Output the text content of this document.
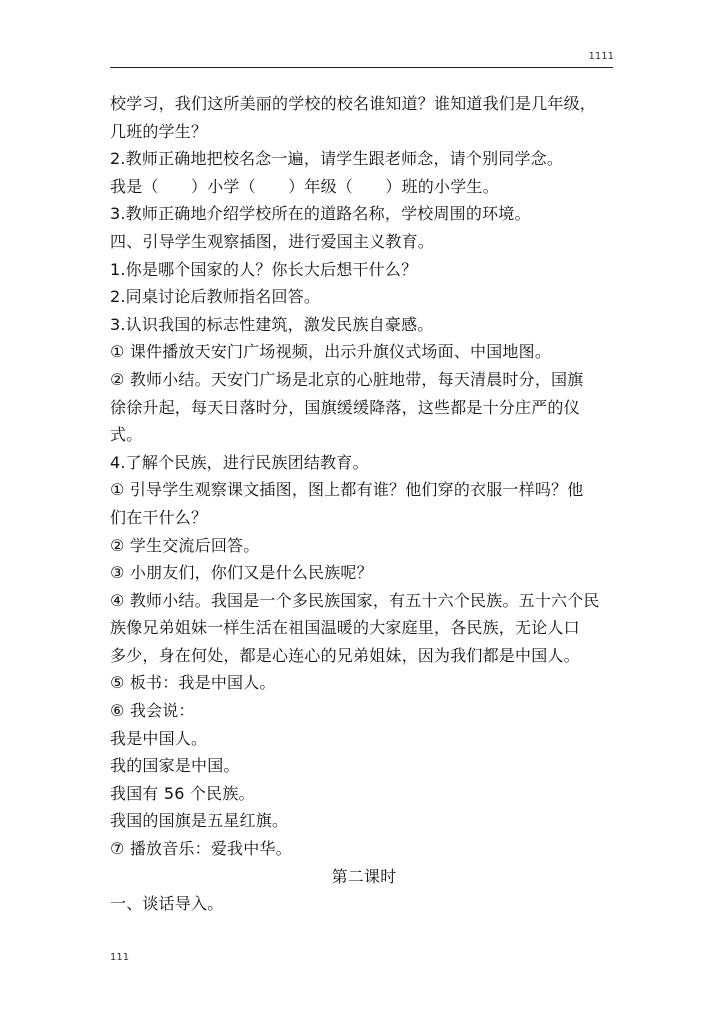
1111
校学习，我们这所美丽的学校的校名谁知道？谁知道我们是几年级，
几班的学生？
2.教师正确地把校名念一遍，请学生跟老师念，请个别同学念。
我是（　　）小学（　　）年级（　　）班的小学生。
3.教师正确地介绍学校所在的道路名称，学校周围的环境。
四、引导学生观察插图，进行爱国主义教育。
1.你是哪个国家的人？你长大后想干什么？
2.同桌讨论后教师指名回答。
3.认识我国的标志性建筑，激发民族自豪感。
① 课件播放天安门广场视频，出示升旗仪式场面、中国地图。
② 教师小结。天安门广场是北京的心脏地带，每天清晨时分，国旗
徐徐升起，每天日落时分，国旗缓缓降落，这些都是十分庄严的仪
式。
4.了解个民族，进行民族团结教育。
① 引导学生观察课文插图，图上都有谁？他们穿的衣服一样吗？他
们在干什么？
② 学生交流后回答。
③ 小朋友们，你们又是什么民族呢？
④ 教师小结。我国是一个多民族国家，有五十六个民族。五十六个民
族像兄弟姐妹一样生活在祖国温暖的大家庭里，各民族，无论人口
多少，身在何处，都是心连心的兄弟姐妹，因为我们都是中国人。
⑤ 板书：我是中国人。
⑥ 我会说：
我是中国人。
我的国家是中国。
我国有 56 个民族。
我国的国旗是五星红旗。
⑦ 播放音乐：爱我中华。
第二课时
一、谈话导入。
111
